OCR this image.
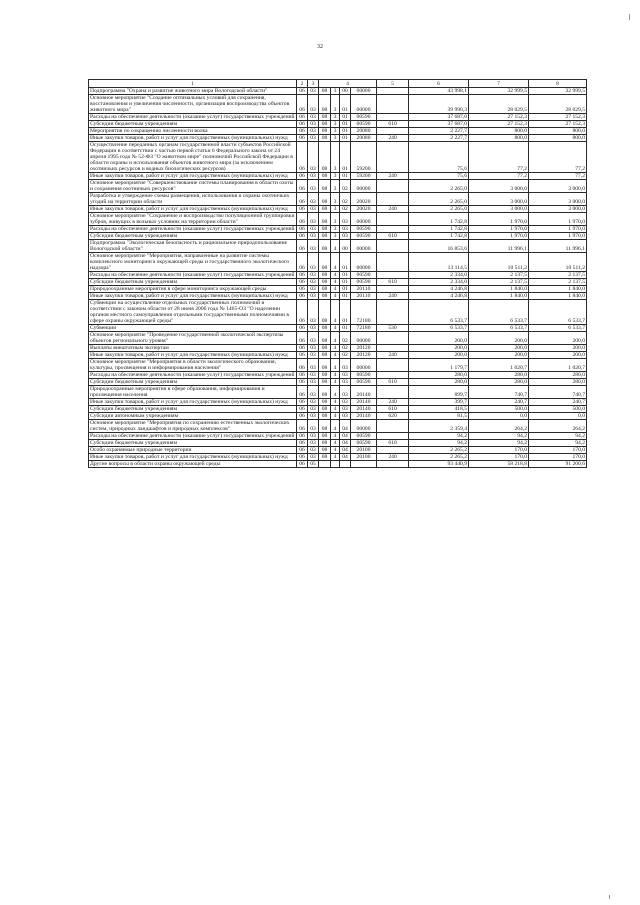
32
1	2	3	4				5	6	7	8
Подпрограмма "Охрана и развитие животного мира Вологодской области"	06	03	08	3	00	00000		43 998,1	32 999,5	32 999,5
Основное мероприятие "Создание оптимальных условий для сохранения, восстановления и увеличения численности, организация воспроизводства объектов животного мира"	06	03	08	3	01	00000		39 990,3	28 029,5	28 029,5
Расходы на обеспечение деятельности (оказание услуг) государственных учреждений	06	03	08	3	01	00590		37 687,0	27 152,3	27 152,3
Субсидии бюджетным учреждениям	06	03	08	3	01	00590	610	37 687,0	27 152,3	27 152,3
Мероприятия по сокращению численности волка	06	03	08	3	01	20080		2 227,7	800,0	800,0
Иные закупки товаров, работ и услуг для государственных (муниципальных) нужд	06	03	08	3	01	20080	240	2 227,7	800,0	800,0
Осуществление переданных органам государственной власти субъектов Российской Федерации в соответствии с частью первой статьи 6 Федерального закона от 24 апреля 1995 года № 52-ФЗ "О животном мире" полномочий Российской Федерации в области охраны и использования объектов животного мира (за исключением охотничьих ресурсов и водных биологических ресурсов)	06	03	08	3	01	59200		75,6	77,2	77,2
Иные закупки товаров, работ и услуг для государственных (муниципальных) нужд	06	03	08	3	01	59200	240	75,6	77,2	77,2
Основное мероприятие "Совершенствование системы планирования в области охоты и сохранения охотничьих ресурсов"	06	03	08	3	02	00000		2 265,0	3 000,0	3 000,0
Разработка и утверждение схемы размещения, использования и охраны охотничьих угодий на территории области	06	03	08	3	02	20020		2 265,0	3 000,0	3 000,0
Иные закупки товаров, работ и услуг для государственных (муниципальных) нужд	06	03	08	3	02	20020	240	2 265,0	3 000,0	3 000,0
Основное мероприятие "Сохранение и воспроизводство популяционной группировки зубров, живущих в вольных условиях на территории области"	06	03	08	3	03	00000		1 742,8	1 970,0	1 970,0
Расходы на обеспечение деятельности (оказание услуг) государственных учреждений	06	03	08	3	03	00590		1 742,8	1 970,0	1 970,0
Субсидии бюджетным учреждениям	06	03	08	3	03	00590	610	1 742,8	1 970,0	1 970,0
Подпрограмма "Экологическая безопасность и рациональное природопользование Вологодской области"	06	03	08	4	00	00000		16 853,6	11 996,1	11 996,1
Основное мероприятие "Мероприятия, направленные на развитие системы комплексного мониторинга окружающей среды и государственного экологического надзора"	06	03	08	4	01	00000		13 114,5	10 511,2	10 511,2
Расходы на обеспечение деятельности (оказание услуг) государственных учреждений	06	03	08	4	01	00590		2 334,0	2 137,5	2 137,5
Субсидии бюджетным учреждениям	06	03	08	4	01	00590	610	2 334,0	2 137,5	2 137,5
Природоохранные мероприятия в сфере мониторинга окружающей среды	06	03	08	4	01	20110		4 246,8	1 840,0	1 840,0
Иные закупки товаров, работ и услуг для государственных (муниципальных) нужд	06	03	08	4	01	20110	240	4 246,8	1 840,0	1 840,0
Субвенции на осуществление отдельных государственных полномочий в соответствии с законом области от 28 июня 2006 года № 1465-ОЗ "О наделении органов местного самоуправления отдельными государственными полномочиями в сфере охраны окружающей среды"	06	03	08	4	01	72180		6 533,7	6 533,7	6 533,7
Субвенции	06	03	08	4	01	72180	530	6 533,7	6 533,7	6 533,7
Основное мероприятие "Проведение государственной экологической экспертизы объектов регионального уровня"	06	03	08	4	02	00000		200,0	200,0	200,0
Выплаты внештатным экспертам	06	03	08	4	02	20120		200,0	200,0	200,0
Иные закупки товаров, работ и услуг для государственных (муниципальных) нужд	06	03	08	4	02	20120	240	200,0	200,0	200,0
Основное мероприятие "Мероприятия в области экологического образования, культуры, просвещения и информирования населения"	06	03	08	4	03	00000		1 179,7	1 020,7	1 020,7
Расходы на обеспечение деятельности (оказание услуг) государственных учреждений	06	03	08	4	03	00590		280,0	280,0	280,0
Субсидии бюджетным учреждениям	06	03	08	4	03	00590	610	280,0	280,0	280,0
Природоохранные мероприятия в сфере образования, информирования и просвещения населения	06	03	08	4	03	20140		899,7	740,7	740,7
Иные закупки товаров, работ и услуг для государственных (муниципальных) нужд	06	03	08	4	03	20140	240	399,7	240,7	240,7
Субсидии бюджетным учреждениям	06	03	08	4	03	20140	610	418,5	500,0	500,0
Субсидии автономным учреждениям	06	03	08	4	03	20140	620	81,5	0,0	0,0
Основное мероприятие "Мероприятия по сохранению естественных экологических систем, природных ландшафтов и природных комплексов"	06	03	08	4	04	00000		2 359,4	264,2	264,2
Расходы на обеспечение деятельности (оказание услуг) государственных учреждений	06	03	08	4	04	00590		94,2	94,2	94,2
Субсидии бюджетным учреждениям	06	03	08	4	04	00590	610	94,2	94,2	94,2
Особо охраняемые природные территории	06	03	08	4	04	20100		2 265,2	170,0	170,0
Иные закупки товаров, работ и услуг для государственных (муниципальных) нужд	06	03	08	4	04	20100	240	2 265,2	170,0	170,0
Другие вопросы в области охраны окружающей среды	06	05						93 440,9	58 218,8	91 200,6
